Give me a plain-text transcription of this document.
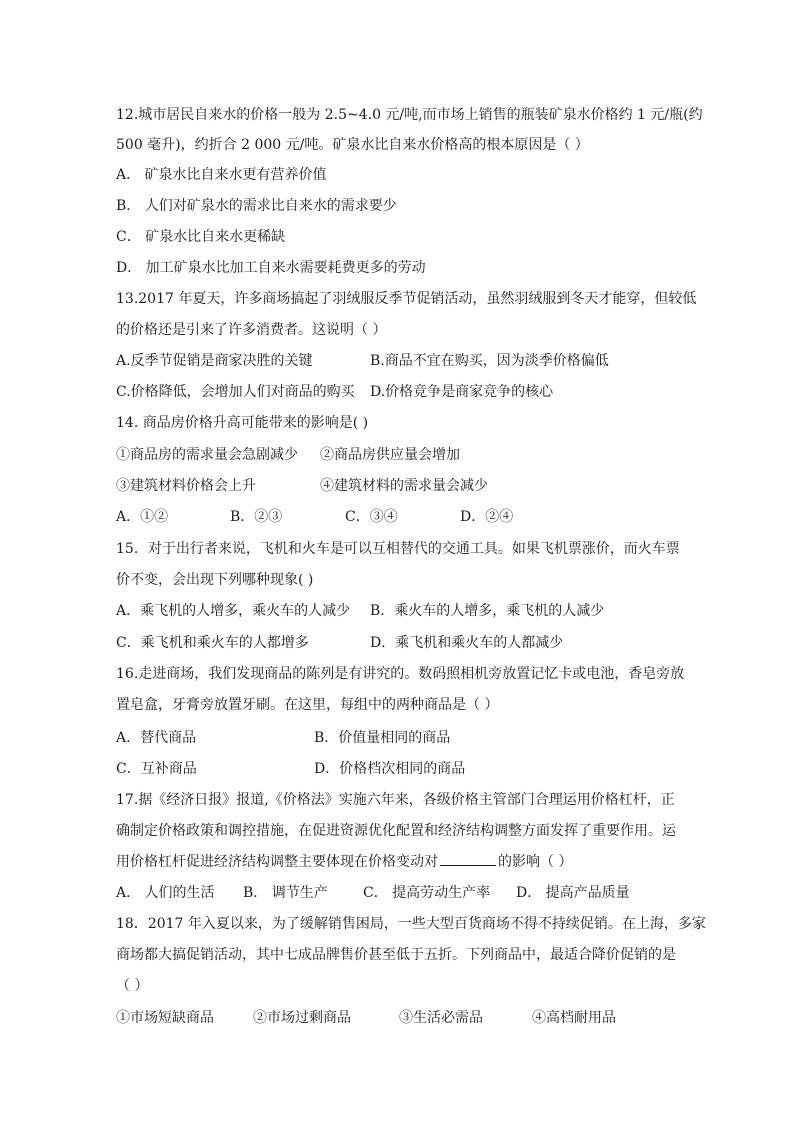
12.城市居民自来水的价格一般为 2.5~4.0 元/吨,而市场上销售的瓶装矿泉水价格约 1 元/瓶(约
500 毫升)，约折合 2 000 元/吨。矿泉水比自来水价格高的根本原因是（ ）
A． 矿泉水比自来水更有营养价值
B． 人们对矿泉水的需求比自来水的需求要少
C． 矿泉水比自来水更稀缺
D． 加工矿泉水比加工自来水需要耗费更多的劳动
13.2017 年夏天，许多商场搞起了羽绒服反季节促销活动，虽然羽绒服到冬天才能穿，但较低
的价格还是引来了许多消费者。这说明（ ）
A.反季节促销是商家决胜的关键	B.商品不宜在购买，因为淡季价格偏低
C.价格降低，会增加人们对商品的购买 D.价格竞争是商家竞争的核心
14. 商品房价格升高可能带来的影响是( )
①商品房的需求量会急剧减少 ②商品房供应量会增加
③建筑材料价格会上升	④建筑材料的需求量会减少
A．①②	B．②③	C．③④	D．②④
15．对于出行者来说，飞机和火车是可以互相替代的交通工具。如果飞机票涨价，而火车票
价不变，会出现下列哪种现象( )
A．乘飞机的人增多，乘火车的人减少 B．乘火车的人增多，乘飞机的人减少
C．乘飞机和乘火车的人都增多	D．乘飞机和乘火车的人都减少
16.走进商场，我们发现商品的陈列是有讲究的。数码照相机旁放置记忆卡或电池，香皂旁放
置皂盒，牙膏旁放置牙刷。在这里，每组中的两种商品是（ ）
A．替代商品	B．价值量相同的商品
C．互补商品	D．价格档次相同的商品
17.据《经济日报》报道,《价格法》实施六年来，各级价格主管部门合理运用价格杠杆，正
确制定价格政策和调控措施，在促进资源优化配置和经济结构调整方面发挥了重要作用。运
用价格杠杆促进经济结构调整主要体现在价格变动对	的影响（ ）
A． 人们的生活 B． 调节生产	C． 提高劳动生产率 D． 提高产品质量
18．2017 年入夏以来，为了缓解销售困局，一些大型百货商场不得不持续促销。在上海，多家
商场都大搞促销活动，其中七成品牌售价甚至低于五折。下列商品中，最适合降价促销的是
（ ）
①市场短缺商品	②市场过剩商品	③生活必需品	④高档耐用品
